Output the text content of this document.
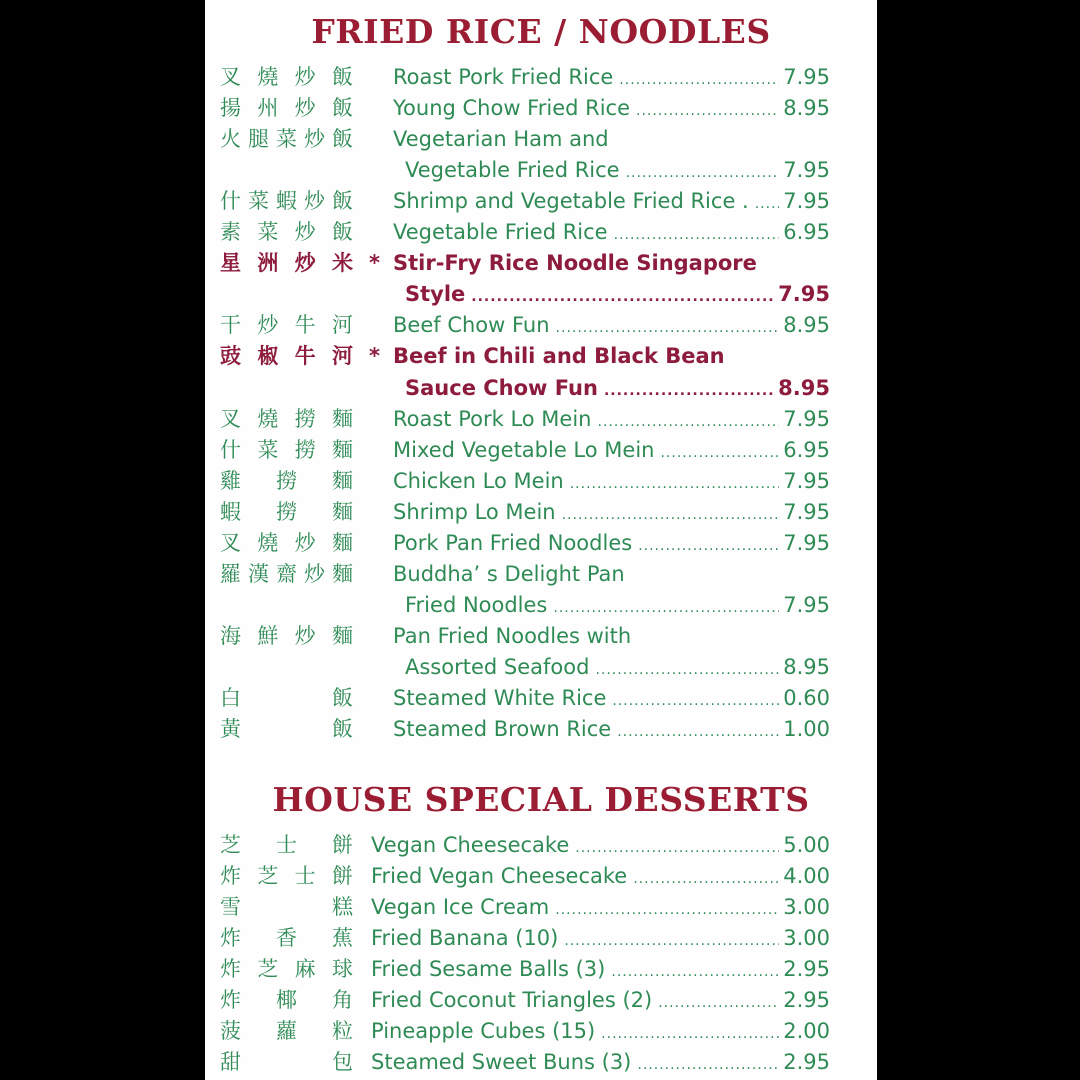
FRIED RICE / NOODLES
叉 燒 炒 飯 Roast Pork Fried Rice .....	7.95
揚 州 炒 飯 Young Chow Fried Rice .....	8.95
火 腿 菜 炒 飯 Vegetarian Ham and
Vegetable Fried Rice .....	7.95
什 菜 蝦 炒 飯 Shrimp and Vegetable Fried Rice . ..... 7.95
素 菜 炒 飯 Vegetable Fried Rice .....	6.95
星 洲 炒 米 * Stir-Fry Rice Noodle Singapore
Style .....	7.95
干 炒 牛 河 Beef Chow Fun .....	8.95
豉 椒 牛 河 * Beef in Chili and Black Bean
Sauce Chow Fun .....	8.95
叉 燒 撈 麵 Roast Pork Lo Mein .....	7.95
什 菜 撈 麵 Mixed Vegetable Lo Mein .....	6.95
雞 撈 麵 Chicken Lo Mein .....	7.95
蝦 撈 麵 Shrimp Lo Mein .....	7.95
叉 燒 炒 麵 Pork Pan Fried Noodles .....	7.95
羅 漢 齋 炒 麵 Buddha’ s Delight Pan
Fried Noodles .....	7.95
海 鮮 炒 麵 Pan Fried Noodles with
Assorted Seafood .....	8.95
白	飯 Steamed White Rice .....	0.60
黃	飯 Steamed Brown Rice .....	1.00
HOUSE SPECIAL DESSERTS
芝 士 餅 Vegan Cheesecake .....	5.00
炸 芝 士 餅 Fried Vegan Cheesecake .....	4.00
雪	糕 Vegan Ice Cream .....	3.00
炸 香 蕉 Fried Banana (10) .....	3.00
炸 芝 麻 球 Fried Sesame Balls (3) .....	2.95
炸 椰 角 Fried Coconut Triangles (2) .....	2.95
菠 蘿 粒 Pineapple Cubes (15) .....	2.00
甜	包 Steamed Sweet Buns (3) .....	2.95
